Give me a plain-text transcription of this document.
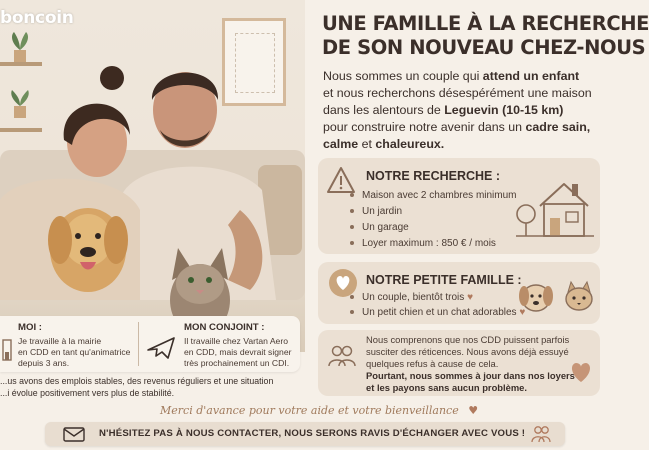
boncoin	UNE FAMILLE À LA RECHERCHE
DE SON NOUVEAU CHEZ-NOUS
Nous sommes un couple qui attend un enfant
et nous recherchons désespérément une maison
dans les alentours de Leguevin (10-15 km)
pour construire notre avenir dans un cadre sain,
calme et chaleureux.
NOTRE RECHERCHE :
Maison avec 2 chambres minimum
Un jardin
Un garage
Loyer maximum : 850 € / mois
NOTRE PETITE FAMILLE :
Un couple, bientôt trois ♥
Un petit chien et un chat adorables ♥
Nous comprenons que nos CDD puissent parfois
susciter des réticences. Nous avons déjà essuyé
quelques refus à cause de cela.
Pourtant, nous sommes à jour dans nos loyers
et les payons sans aucun problème.
MOI :
Je travaille à la mairie
en CDD en tant qu'animatrice
depuis 3 ans.
MON CONJOINT :
Il travaille chez Vartan Aero
en CDD, mais devrait signer
très prochainement un CDI.
...us avons des emplois stables, des revenus réguliers et une situation
...i évolue positivement vers plus de stabilité.
Merci d'avance pour votre aide et votre bienveillance ♥
N'HÉSITEZ PAS À NOUS CONTACTER, NOUS SERONS RAVIS D'ÉCHANGER AVEC VOUS !
